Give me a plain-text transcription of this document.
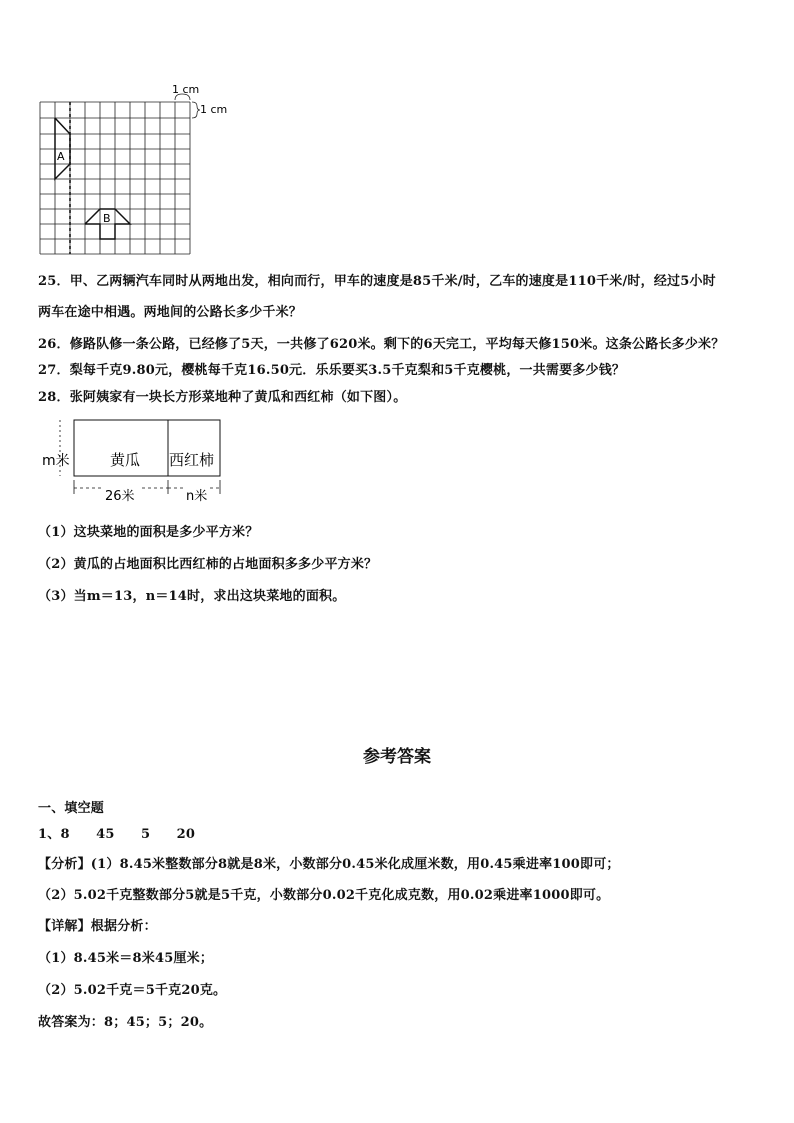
1 cm
1 cm
A
B
25．甲、乙两辆汽车同时从两地出发，相向而行，甲车的速度是85千米/时，乙车的速度是110千米/时，经过5小时
两车在途中相遇。两地间的公路长多少千米？
26．修路队修一条公路，已经修了5天，一共修了620米。剩下的6天完工，平均每天修150米。这条公路长多少米？
27．梨每千克9.80元，樱桃每千克16.50元．乐乐要买3.5千克梨和5千克樱桃，一共需要多少钱？
28．张阿姨家有一块长方形菜地种了黄瓜和西红柿（如下图）。
m米	黄瓜 西红柿
26米	n米
（1）这块菜地的面积是多少平方米？
（2）黄瓜的占地面积比西红柿的占地面积多多少平方米？
（3）当m＝13，n＝14时，求出这块菜地的面积。
参考答案
一、填空题
1、8　　45　　5　　20
【分析】(1）8.45米整数部分8就是8米，小数部分0.45米化成厘米数，用0.45乘进率100即可；
（2）5.02千克整数部分5就是5千克，小数部分0.02千克化成克数，用0.02乘进率1000即可。
【详解】根据分析：
（1）8.45米＝8米45厘米；
（2）5.02千克＝5千克20克。
故答案为：8；45；5；20。
